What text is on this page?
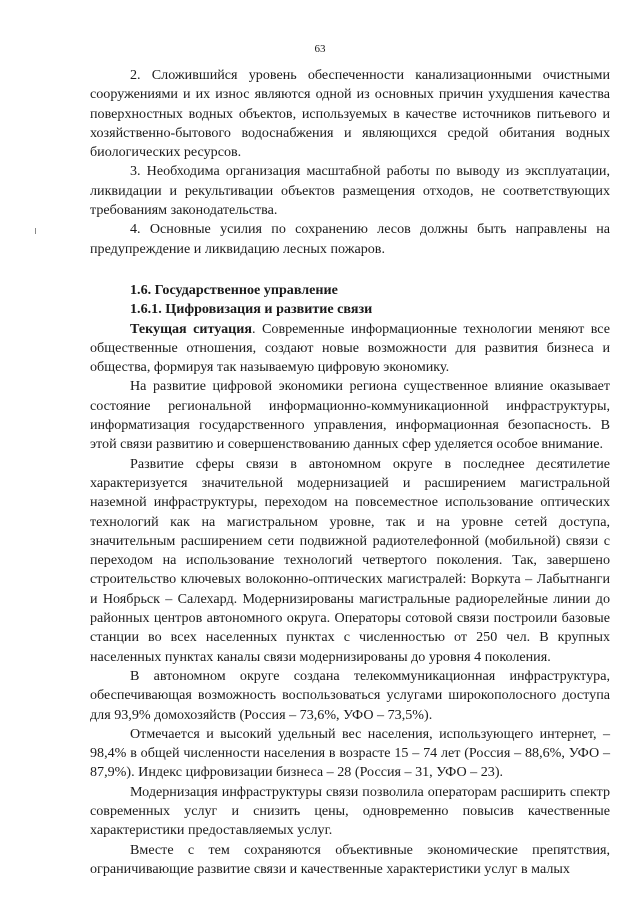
63

2. Сложившийся уровень обеспеченности канализационными очистными сооружениями и их износ являются одной из основных причин ухудшения качества поверхностных водных объектов, используемых в качестве источников питьевого и хозяйственно-бытового водоснабжения и являющихся средой обитания водных биологических ресурсов.

3. Необходима организация масштабной работы по выводу из эксплуатации, ликвидации и рекультивации объектов размещения отходов, не соответствующих требованиям законодательства.

4. Основные усилия по сохранению лесов должны быть направлены на предупреждение и ликвидацию лесных пожаров.

1.6. Государственное управление
1.6.1. Цифровизация и развитие связи

Текущая ситуация. Современные информационные технологии меняют все общественные отношения, создают новые возможности для развития бизнеса и общества, формируя так называемую цифровую экономику.

На развитие цифровой экономики региона существенное влияние оказывает состояние региональной информационно-коммуникационной инфраструктуры, информатизация государственного управления, информационная безопасность. В этой связи развитию и совершенствованию данных сфер уделяется особое внимание.

Развитие сферы связи в автономном округе в последнее десятилетие характеризуется значительной модернизацией и расширением магистральной наземной инфраструктуры, переходом на повсеместное использование оптических технологий как на магистральном уровне, так и на уровне сетей доступа, значительным расширением сети подвижной радиотелефонной (мобильной) связи с переходом на использование технологий четвертого поколения. Так, завершено строительство ключевых волоконно-оптических магистралей: Воркута – Лабытнанги и Ноябрьск – Салехард. Модернизированы магистральные радиорелейные линии до районных центров автономного округа. Операторы сотовой связи построили базовые станции во всех населенных пунктах с численностью от 250 чел. В крупных населенных пунктах каналы связи модернизированы до уровня 4 поколения.

В автономном округе создана телекоммуникационная инфраструктура, обеспечивающая возможность воспользоваться услугами широкополосного доступа для 93,9% домохозяйств (Россия – 73,6%, УФО – 73,5%).

Отмечается и высокий удельный вес населения, использующего интернет, – 98,4% в общей численности населения в возрасте 15 – 74 лет (Россия – 88,6%, УФО – 87,9%). Индекс цифровизации бизнеса – 28 (Россия – 31, УФО – 23).

Модернизация инфраструктуры связи позволила операторам расширить спектр современных услуг и снизить цены, одновременно повысив качественные характеристики предоставляемых услуг.

Вместе с тем сохраняются объективные экономические препятствия, ограничивающие развитие связи и качественные характеристики услуг в малых
